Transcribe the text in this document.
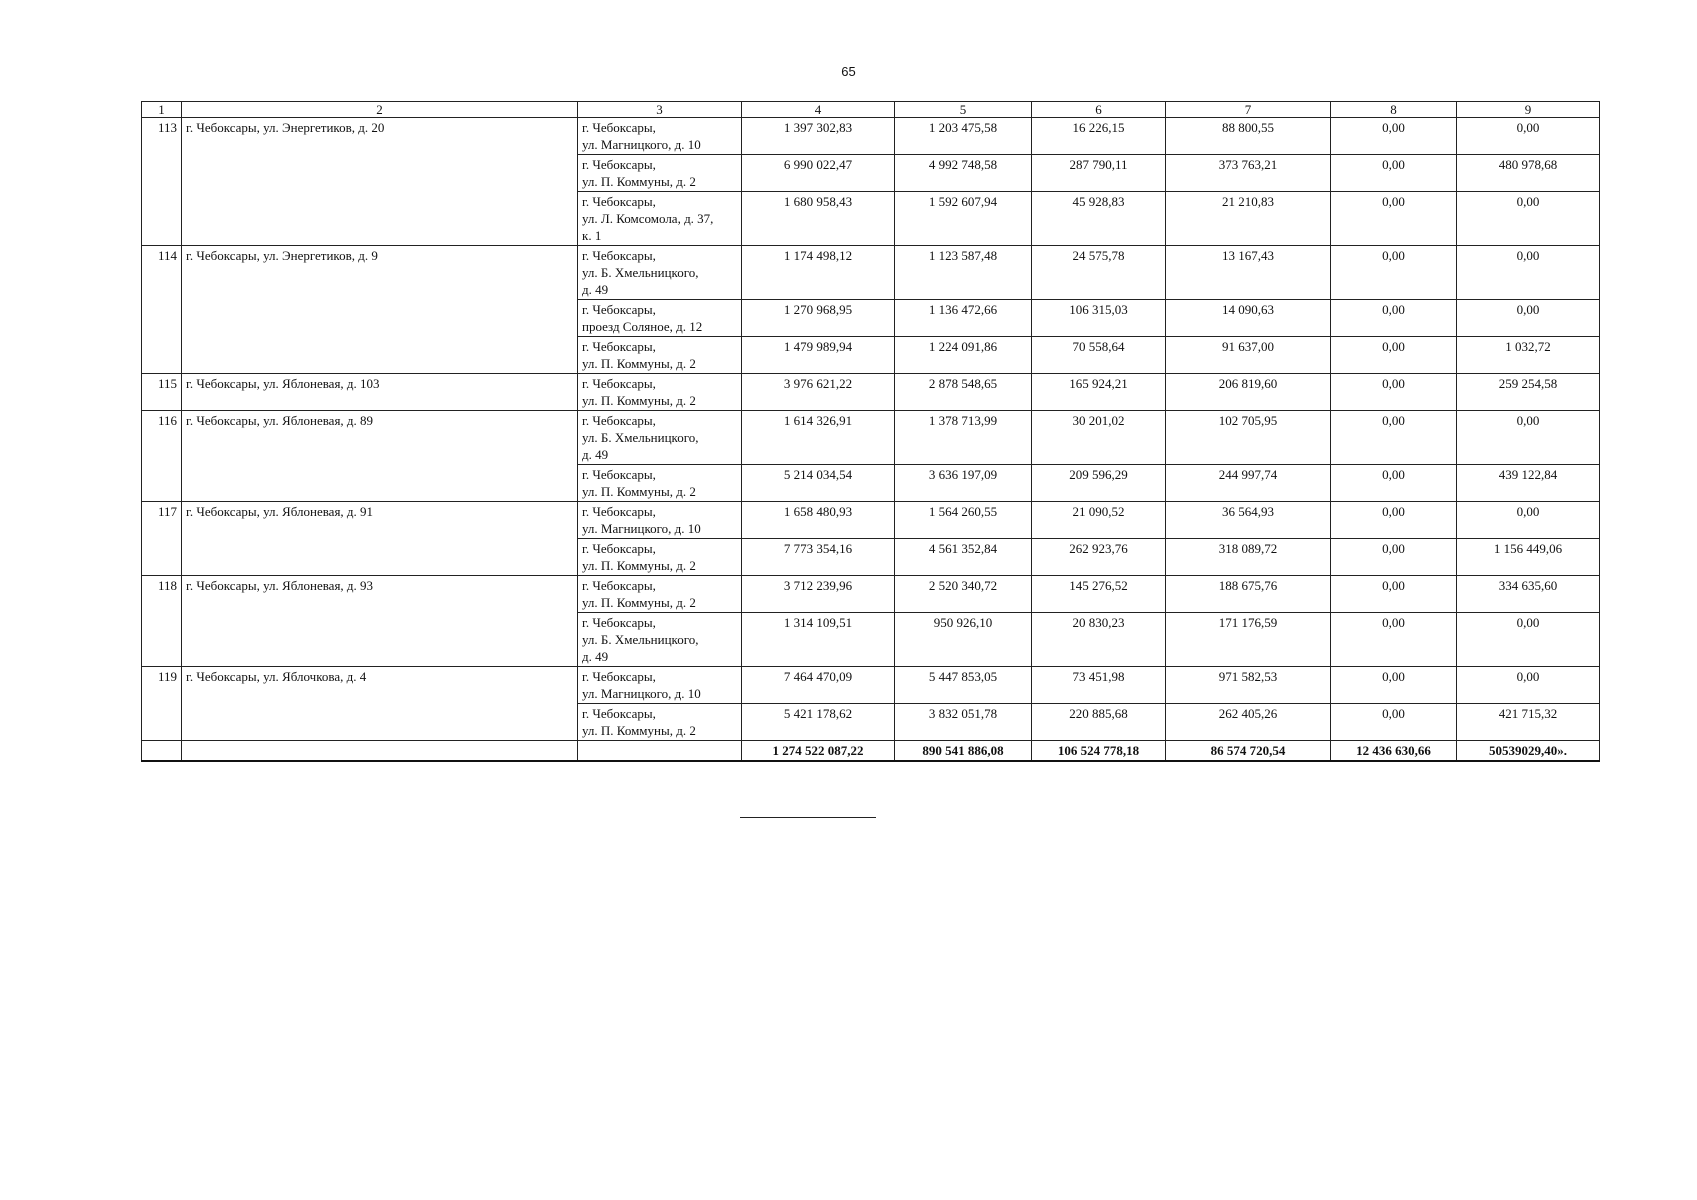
65
1	2	3	4	5	6	7	8	9
113	г. Чебоксары, ул. Энергетиков, д. 20	г. Чебоксары,
ул. Магницкого, д. 10	1 397 302,83	1 203 475,58	16 226,15	88 800,55	0,00	0,00

		г. Чебоксары,
ул. П. Коммуны, д. 2	6 990 022,47	4 992 748,58	287 790,11	373 763,21	0,00	480 978,68

		г. Чебоксары,
ул. Л. Комсомола, д. 37,
к. 1	1 680 958,43	1 592 607,94	45 928,83	21 210,83	0,00	0,00
114	г. Чебоксары, ул. Энергетиков, д. 9	г. Чебоксары,
ул. Б. Хмельницкого,
д. 49	1 174 498,12	1 123 587,48	24 575,78	13 167,43	0,00	0,00

		г. Чебоксары,
проезд Соляное, д. 12	1 270 968,95	1 136 472,66	106 315,03	14 090,63	0,00	0,00

		г. Чебоксары,
ул. П. Коммуны, д. 2	1 479 989,94	1 224 091,86	70 558,64	91 637,00	0,00	1 032,72
115	г. Чебоксары, ул. Яблоневая, д. 103	г. Чебоксары,
ул. П. Коммуны, д. 2	3 976 621,22	2 878 548,65	165 924,21	206 819,60	0,00	259 254,58
116	г. Чебоксары, ул. Яблоневая, д. 89	г. Чебоксары,
ул. Б. Хмельницкого,
д. 49	1 614 326,91	1 378 713,99	30 201,02	102 705,95	0,00	0,00

		г. Чебоксары,
ул. П. Коммуны, д. 2	5 214 034,54	3 636 197,09	209 596,29	244 997,74	0,00	439 122,84
117	г. Чебоксары, ул. Яблоневая, д. 91	г. Чебоксары,
ул. Магницкого, д. 10	1 658 480,93	1 564 260,55	21 090,52	36 564,93	0,00	0,00

		г. Чебоксары,
ул. П. Коммуны, д. 2	7 773 354,16	4 561 352,84	262 923,76	318 089,72	0,00	1 156 449,06
118	г. Чебоксары, ул. Яблоневая, д. 93	г. Чебоксары,
ул. П. Коммуны, д. 2	3 712 239,96	2 520 340,72	145 276,52	188 675,76	0,00	334 635,60

		г. Чебоксары,
ул. Б. Хмельницкого,
д. 49	1 314 109,51	950 926,10	20 830,23	171 176,59	0,00	0,00
119	г. Чебоксары, ул. Яблочкова, д. 4	г. Чебоксары,
ул. Магницкого, д. 10	7 464 470,09	5 447 853,05	73 451,98	971 582,53	0,00	0,00

		г. Чебоксары,
ул. П. Коммуны, д. 2	5 421 178,62	3 832 051,78	220 885,68	262 405,26	0,00	421 715,32
			1 274 522 087,22	890 541 886,08	106 524 778,18	86 574 720,54	12 436 630,66	50539029,40».
